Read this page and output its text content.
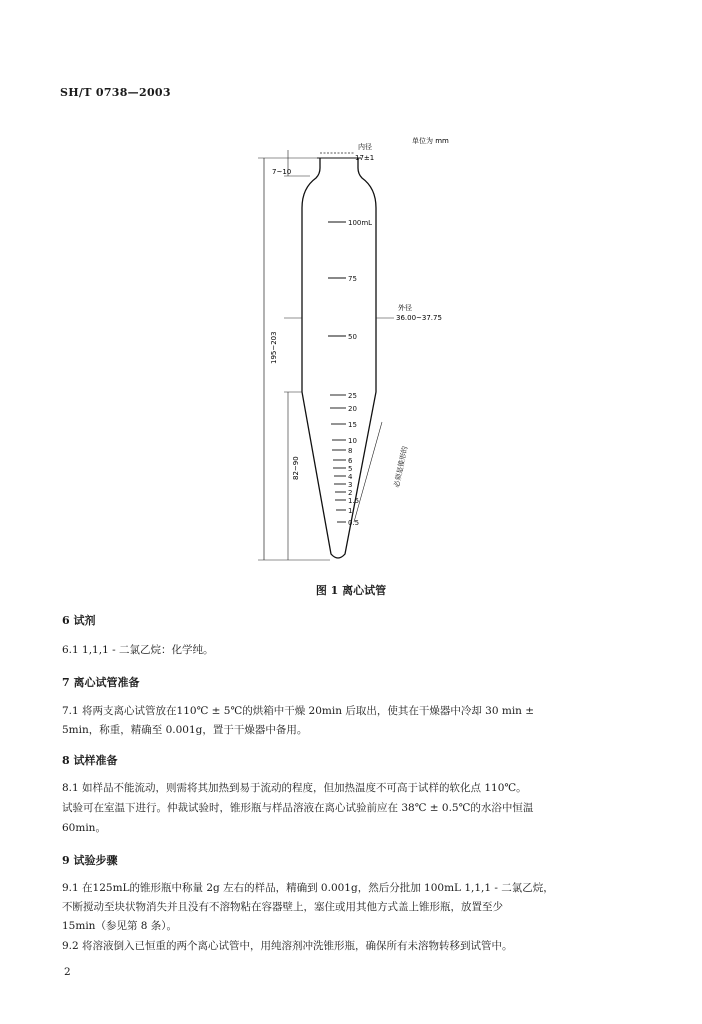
SH/T 0738—2003
单位为 mm
内径
17±1
195~203
7~10
82~90
外径
36.00~37.75
必须是锥形的
100mL
75
50
25
20
15
10
8
6
5
4
3
2
1.5
1
0.5
图 1 离心试管
6 试剂
6.1 1,1,1 - 二氯乙烷：化学纯。
7 离心试管准备
7.1 将两支离心试管放在110℃ ± 5℃的烘箱中干燥 20min 后取出，使其在干燥器中冷却 30 min ±
5min，称重，精确至 0.001g，置于干燥器中备用。
8 试样准备
8.1 如样品不能流动，则需将其加热到易于流动的程度，但加热温度不可高于试样的软化点 110℃。
试验可在室温下进行。仲裁试验时，锥形瓶与样品溶液在离心试验前应在 38℃ ± 0.5℃的水浴中恒温
60min。
9 试验步骤
9.1 在125mL的锥形瓶中称量 2g 左右的样品，精确到 0.001g，然后分批加 100mL 1,1,1 - 二氯乙烷，
不断搅动至块状物消失并且没有不溶物粘在容器壁上，塞住或用其他方式盖上锥形瓶，放置至少
15min（参见第 8 条）。
9.2 将溶液倒入已恒重的两个离心试管中，用纯溶剂冲洗锥形瓶，确保所有未溶物转移到试管中。
2
